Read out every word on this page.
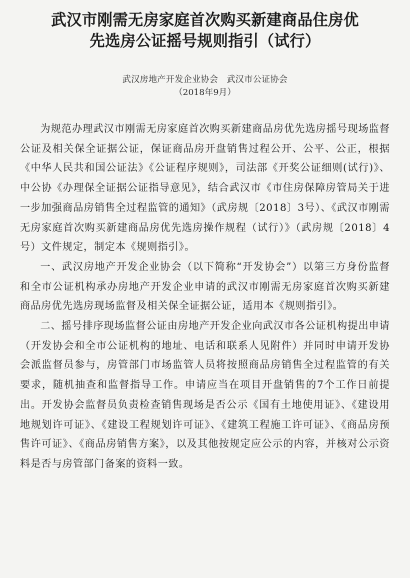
武汉市刚需无房家庭首次购买新建商品住房优
先选房公证摇号规则指引（试行）
武汉房地产开发企业协会　武汉市公证协会
（2018年9月）

为规范办理武汉市刚需无房家庭首次购买新建商品房优先选房摇号现场监督公证及相关保全证据公证，保证商品房开盘销售过程公开、公平、公正，根据《中华人民共和国公证法》《公证程序规则》，司法部《开奖公证细则(试行)》、中公协《办理保全证据公证指导意见》，结合武汉市《市住房保障房管局关于进一步加强商品房销售全过程监管的通知》（武房规〔2018〕3号）、《武汉市刚需无房家庭首次购买新建商品房优先选房操作规程（试行）》（武房规〔2018〕4号）文件规定，制定本《规则指引》。

一、武汉房地产开发企业协会（以下简称“开发协会”）以第三方身份监督和全市公证机构承办房地产开发企业申请的武汉市刚需无房家庭首次购买新建商品房优先选房现场监督及相关保全证据公证，适用本《规则指引》。

二、摇号排序现场监督公证由房地产开发企业向武汉市各公证机构提出申请（开发协会和全市公证机构的地址、电话和联系人见附件）并同时申请开发协会派监督员参与，房管部门市场监管人员将按照商品房销售全过程监管的有关要求，随机抽查和监督指导工作。申请应当在项目开盘销售的7个工作日前提出。开发协会监督员负责检查销售现场是否公示《国有土地使用证》、《建设用地规划许可证》、《建设工程规划许可证》、《建筑工程施工许可证》、《商品房预售许可证》、《商品房销售方案》，以及其他按规定应公示的内容，并核对公示资料是否与房管部门备案的资料一致。
